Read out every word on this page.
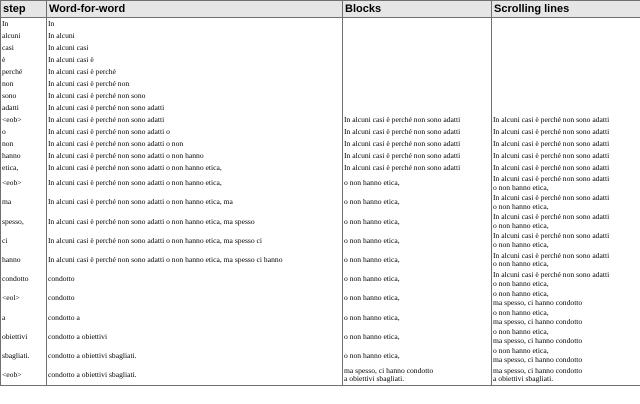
step	Word-for-word	Blocks	Scrolling lines
In	In		
alcuni	In alcuni		
casi	In alcuni casi		
è	In alcuni casi è		
perché	In alcuni casi è perché		
non	In alcuni casi è perché non		
sono	In alcuni casi è perché non sono		
adatti	In alcuni casi è perché non sono adatti		
<eob>	In alcuni casi è perché non sono adatti	In alcuni casi è perché non sono adatti	In alcuni casi è perché non sono adatti
o	In alcuni casi è perché non sono adatti o	In alcuni casi è perché non sono adatti	In alcuni casi è perché non sono adatti
non	In alcuni casi è perché non sono adatti o non	In alcuni casi è perché non sono adatti	In alcuni casi è perché non sono adatti
hanno	In alcuni casi è perché non sono adatti o non hanno	In alcuni casi è perché non sono adatti	In alcuni casi è perché non sono adatti
etica,	In alcuni casi è perché non sono adatti o non hanno etica,	In alcuni casi è perché non sono adatti	In alcuni casi è perché non sono adatti
<eob>	In alcuni casi è perché non sono adatti o non hanno etica,	o non hanno etica,	In alcuni casi è perché non sono adatti
o non hanno etica,
ma	In alcuni casi è perché non sono adatti o non hanno etica, ma	o non hanno etica,	In alcuni casi è perché non sono adatti
o non hanno etica,
spesso,	In alcuni casi è perché non sono adatti o non hanno etica, ma spesso	o non hanno etica,	In alcuni casi è perché non sono adatti
o non hanno etica,
ci	In alcuni casi è perché non sono adatti o non hanno etica, ma spesso ci	o non hanno etica,	In alcuni casi è perché non sono adatti
o non hanno etica,
hanno	In alcuni casi è perché non sono adatti o non hanno etica, ma spesso ci hanno	o non hanno etica,	In alcuni casi è perché non sono adatti
o non hanno etica,
condotto	condotto	o non hanno etica,	In alcuni casi è perché non sono adatti
o non hanno etica,
<eol>	condotto	o non hanno etica,	o non hanno etica,
ma spesso, ci hanno condotto
a	condotto a	o non hanno etica,	o non hanno etica,
ma spesso, ci hanno condotto
obiettivi	condotto a obiettivi	o non hanno etica,	o non hanno etica,
ma spesso, ci hanno condotto
sbagliati.	condotto a obiettivi sbagliati.	o non hanno etica,	o non hanno etica,
ma spesso, ci hanno condotto
<eob>	condotto a obiettivi sbagliati.	ma spesso, ci hanno condotto
a obiettivi sbagliati.	ma spesso, ci hanno condotto
a obiettivi sbagliati.
